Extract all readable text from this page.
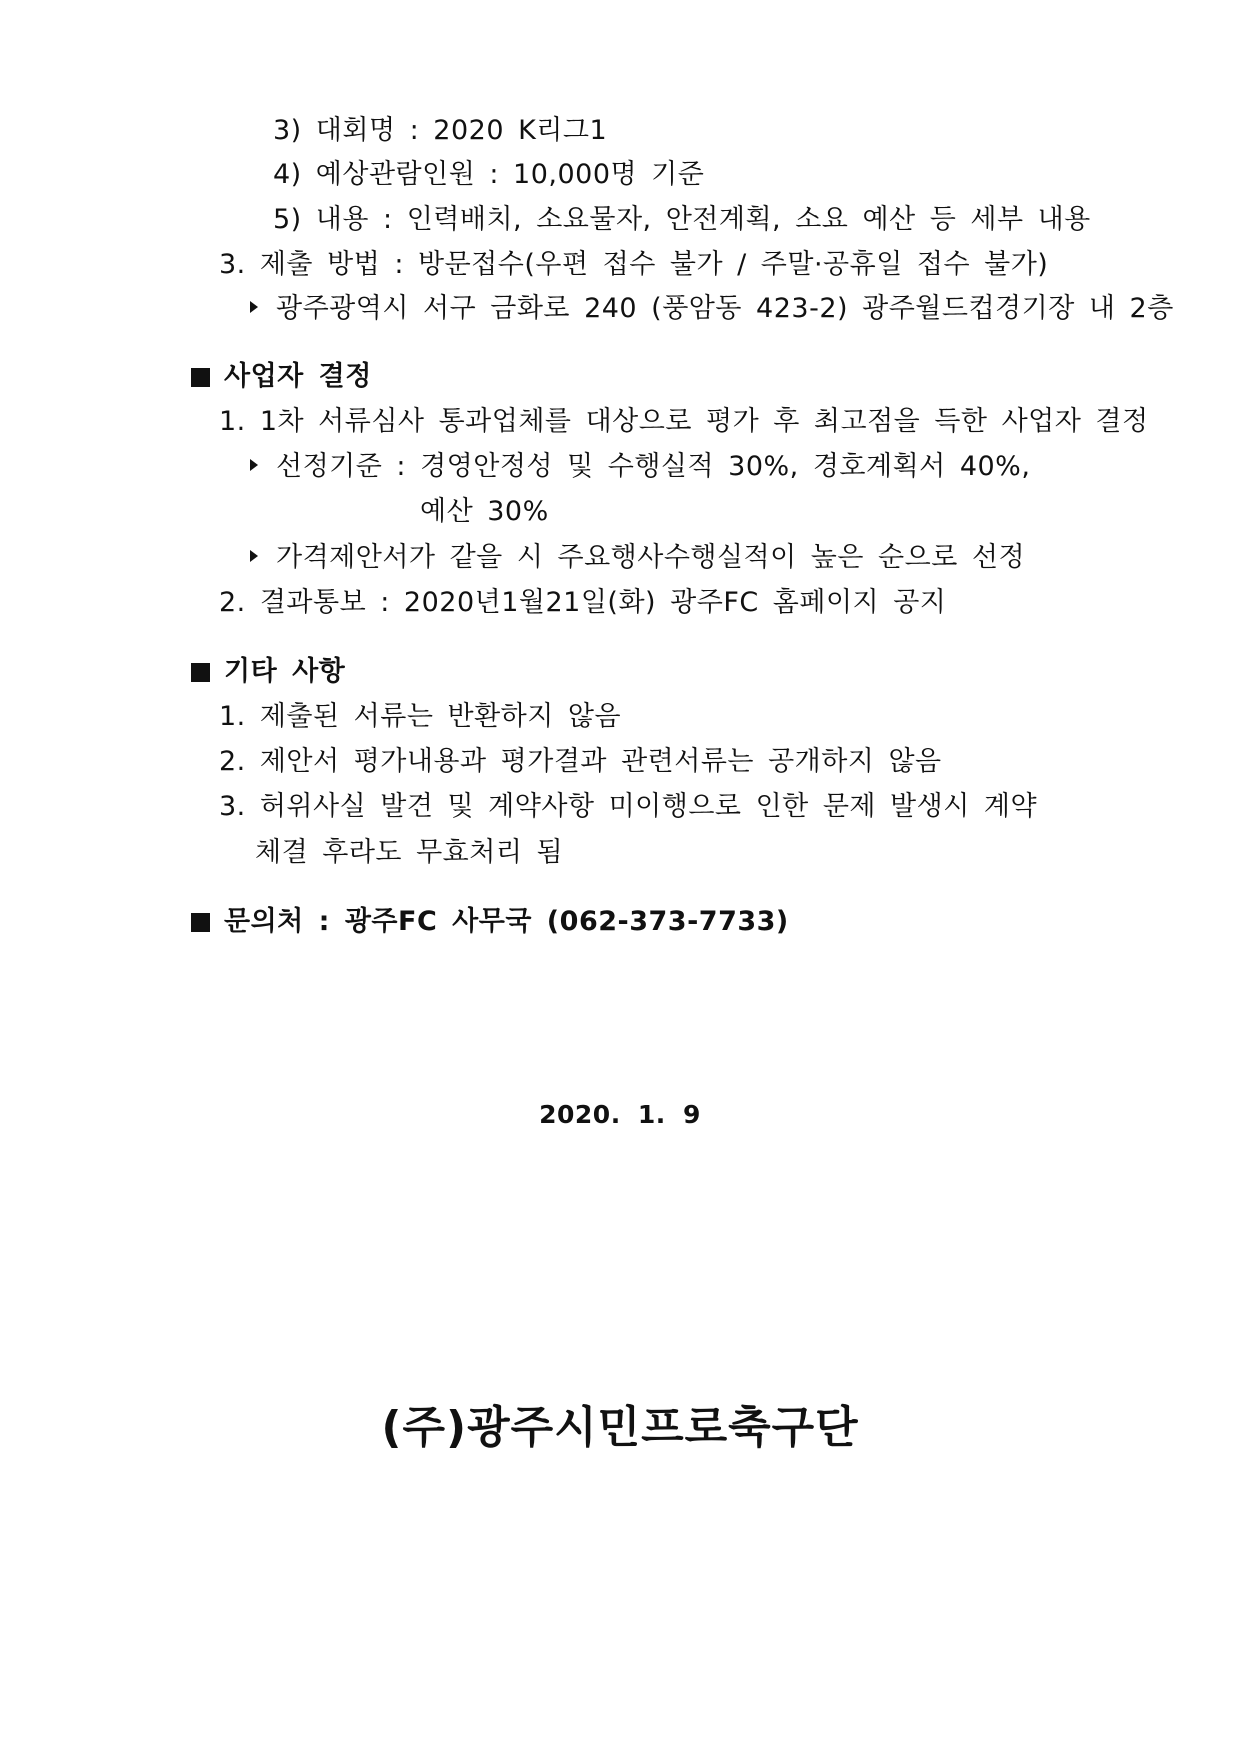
3) 대회명 : 2020 K리그1
4) 예상관람인원 : 10,000명 기준
5) 내용 : 인력배치, 소요물자, 안전계획, 소요 예산 등 세부 내용
3. 제출 방법 : 방문접수(우편 접수 불가 / 주말·공휴일 접수 불가)
광주광역시 서구 금화로 240 (풍암동 423-2) 광주월드컵경기장 내 2층
사업자 결정
1. 1차 서류심사 통과업체를 대상으로 평가 후 최고점을 득한 사업자 결정
선정기준 : 경영안정성 및 수행실적 30%, 경호계획서 40%,
예산 30%
가격제안서가 같을 시 주요행사수행실적이 높은 순으로 선정
2. 결과통보 : 2020년1월21일(화) 광주FC 홈페이지 공지
기타 사항
1. 제출된 서류는 반환하지 않음
2. 제안서 평가내용과 평가결과 관련서류는 공개하지 않음
3. 허위사실 발견 및 계약사항 미이행으로 인한 문제 발생시 계약
체결 후라도 무효처리 됨
문의처 : 광주FC 사무국 (062-373-7733)
2020. 1. 9
(주)광주시민프로축구단
